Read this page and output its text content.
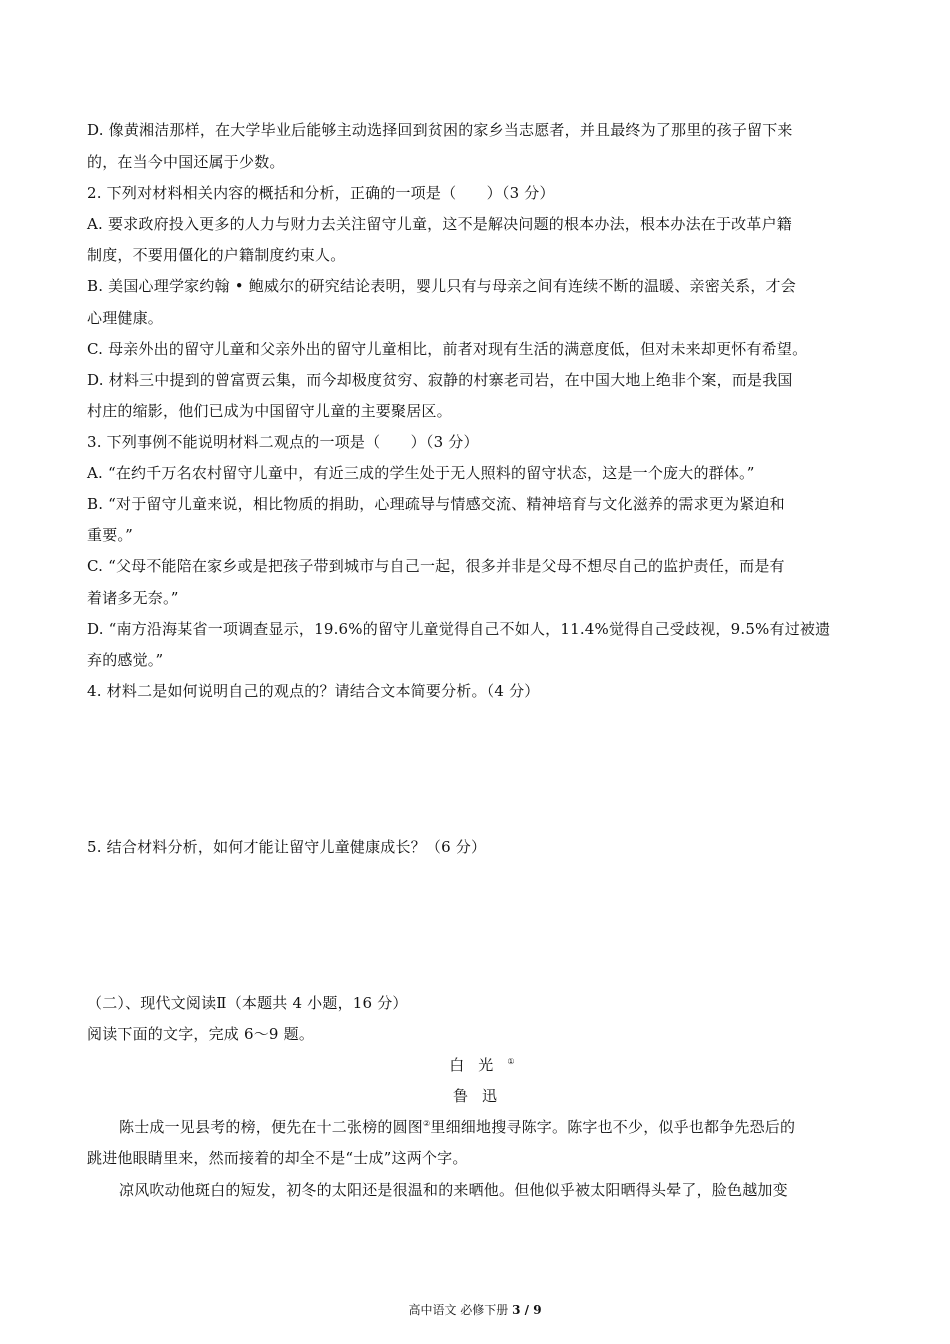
D. 像黄湘洁那样，在大学毕业后能够主动选择回到贫困的家乡当志愿者，并且最终为了那里的孩子留下来
的，在当今中国还属于少数。
2. 下列对材料相关内容的概括和分析，正确的一项是（　　）（3 分）
A. 要求政府投入更多的人力与财力去关注留守儿童，这不是解决问题的根本办法，根本办法在于改革户籍
制度，不要用僵化的户籍制度约束人。
B. 美国心理学家约翰 • 鲍威尔的研究结论表明，婴儿只有与母亲之间有连续不断的温暖、亲密关系，才会
心理健康。
C. 母亲外出的留守儿童和父亲外出的留守儿童相比，前者对现有生活的满意度低，但对未来却更怀有希望。
D. 材料三中提到的曾富贾云集，而今却极度贫穷、寂静的村寨老司岩，在中国大地上绝非个案，而是我国
村庄的缩影，他们已成为中国留守儿童的主要聚居区。
3. 下列事例不能说明材料二观点的一项是（　　）（3 分）
A. “在约千万名农村留守儿童中，有近三成的学生处于无人照料的留守状态，这是一个庞大的群体。”
B. “对于留守儿童来说，相比物质的捐助，心理疏导与情感交流、精神培育与文化滋养的需求更为紧迫和
重要。”
C. “父母不能陪在家乡或是把孩子带到城市与自己一起，很多并非是父母不想尽自己的监护责任，而是有
着诸多无奈。”
D. “南方沿海某省一项调查显示，19.6%的留守儿童觉得自己不如人，11.4%觉得自己受歧视，9.5%有过被遗
弃的感觉。”
4. 材料二是如何说明自己的观点的？请结合文本简要分析。（4 分）
5. 结合材料分析，如何才能让留守儿童健康成长？（6 分）
（二）、现代文阅读Ⅱ（本题共 4 小题，16 分）
阅读下面的文字，完成 6～9 题。
白光①
鲁迅
陈士成一见县考的榜，便先在十二张榜的圆图②里细细地搜寻陈字。陈字也不少，似乎也都争先恐后的
跳进他眼睛里来，然而接着的却全不是“士成”这两个字。
凉风吹动他斑白的短发，初冬的太阳还是很温和的来晒他。但他似乎被太阳晒得头晕了，脸色越加变
高中语文 必修下册 3 / 9
